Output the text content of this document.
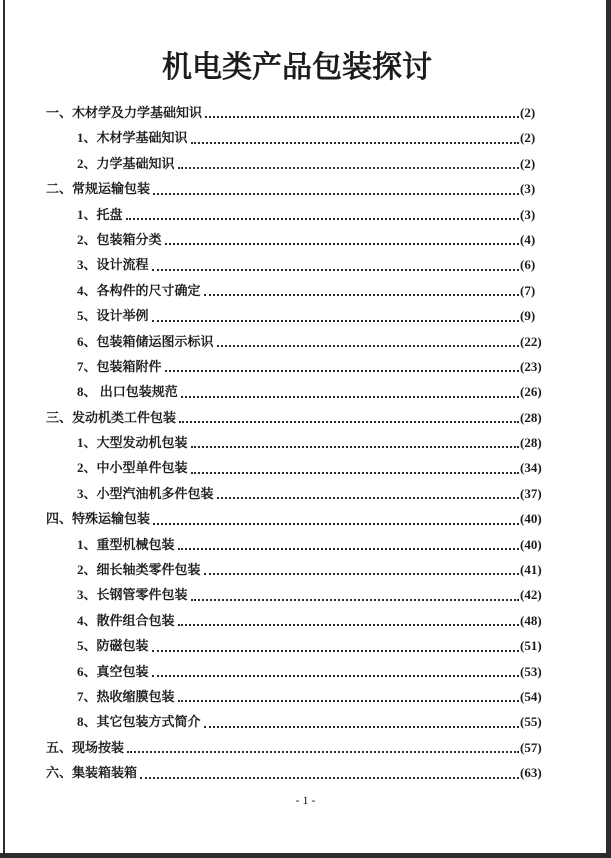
机电类产品包装探讨
一、木材学及力学基础知识	(2)
1、木材学基础知识	(2)
2、力学基础知识	(2)
二、常规运输包装	(3)
1、托盘	(3)
2、包装箱分类	(4)
3、设计流程	(6)
4、各构件的尺寸确定	(7)
5、设计举例	(9)
6、包装箱储运图示标识	(22)
7、包装箱附件	(23)
8、 出口包装规范	(26)
三、发动机类工件包装	(28)
1、大型发动机包装	(28)
2、中小型单件包装	(34)
3、小型汽油机多件包装	(37)
四、特殊运输包装	(40)
1、重型机械包装	(40)
2、细长轴类零件包装	(41)
3、长钢管零件包装	(42)
4、散件组合包装	(48)
5、防磁包装	(51)
6、真空包装	(53)
7、热收缩膜包装	(54)
8、其它包装方式简介	(55)
五、现场按装	(57)
六、集装箱装箱	(63)
- 1 -
